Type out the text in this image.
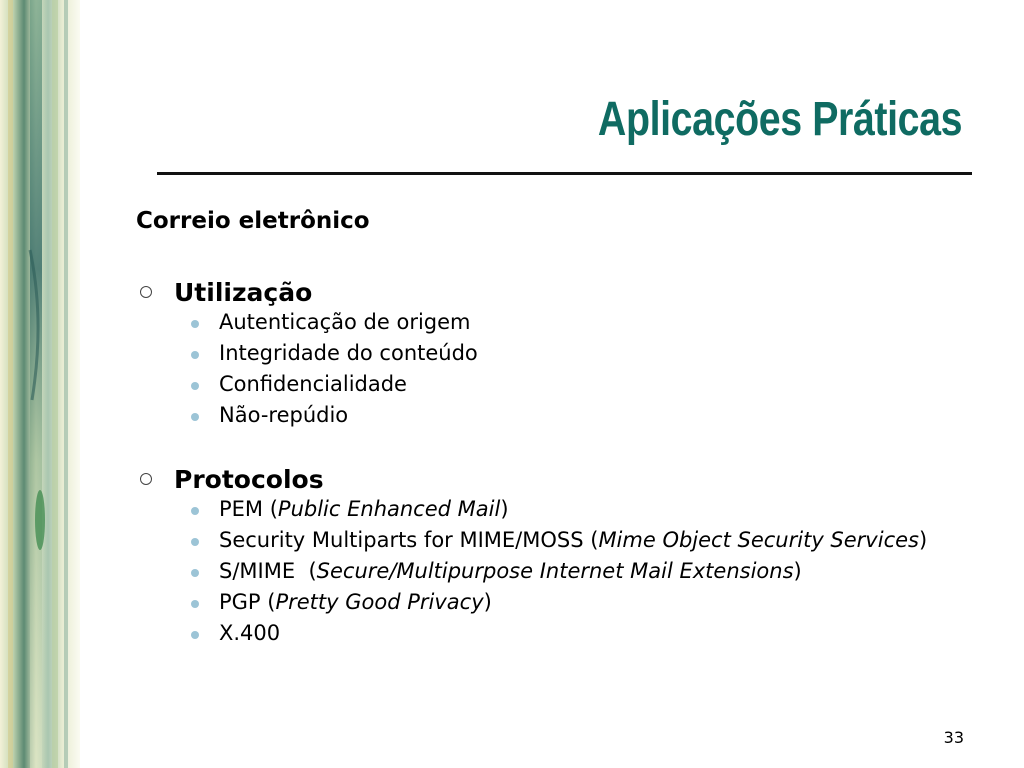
Aplicações Práticas
Correio eletrônico
Utilização
Autenticação de origem
Integridade do conteúdo
Confidencialidade
Não-repúdio
Protocolos
PEM (Public Enhanced Mail)
Security Multiparts for MIME/MOSS (Mime Object Security Services)
S/MIME  (Secure/Multipurpose Internet Mail Extensions)
PGP (Pretty Good Privacy)
X.400
33
